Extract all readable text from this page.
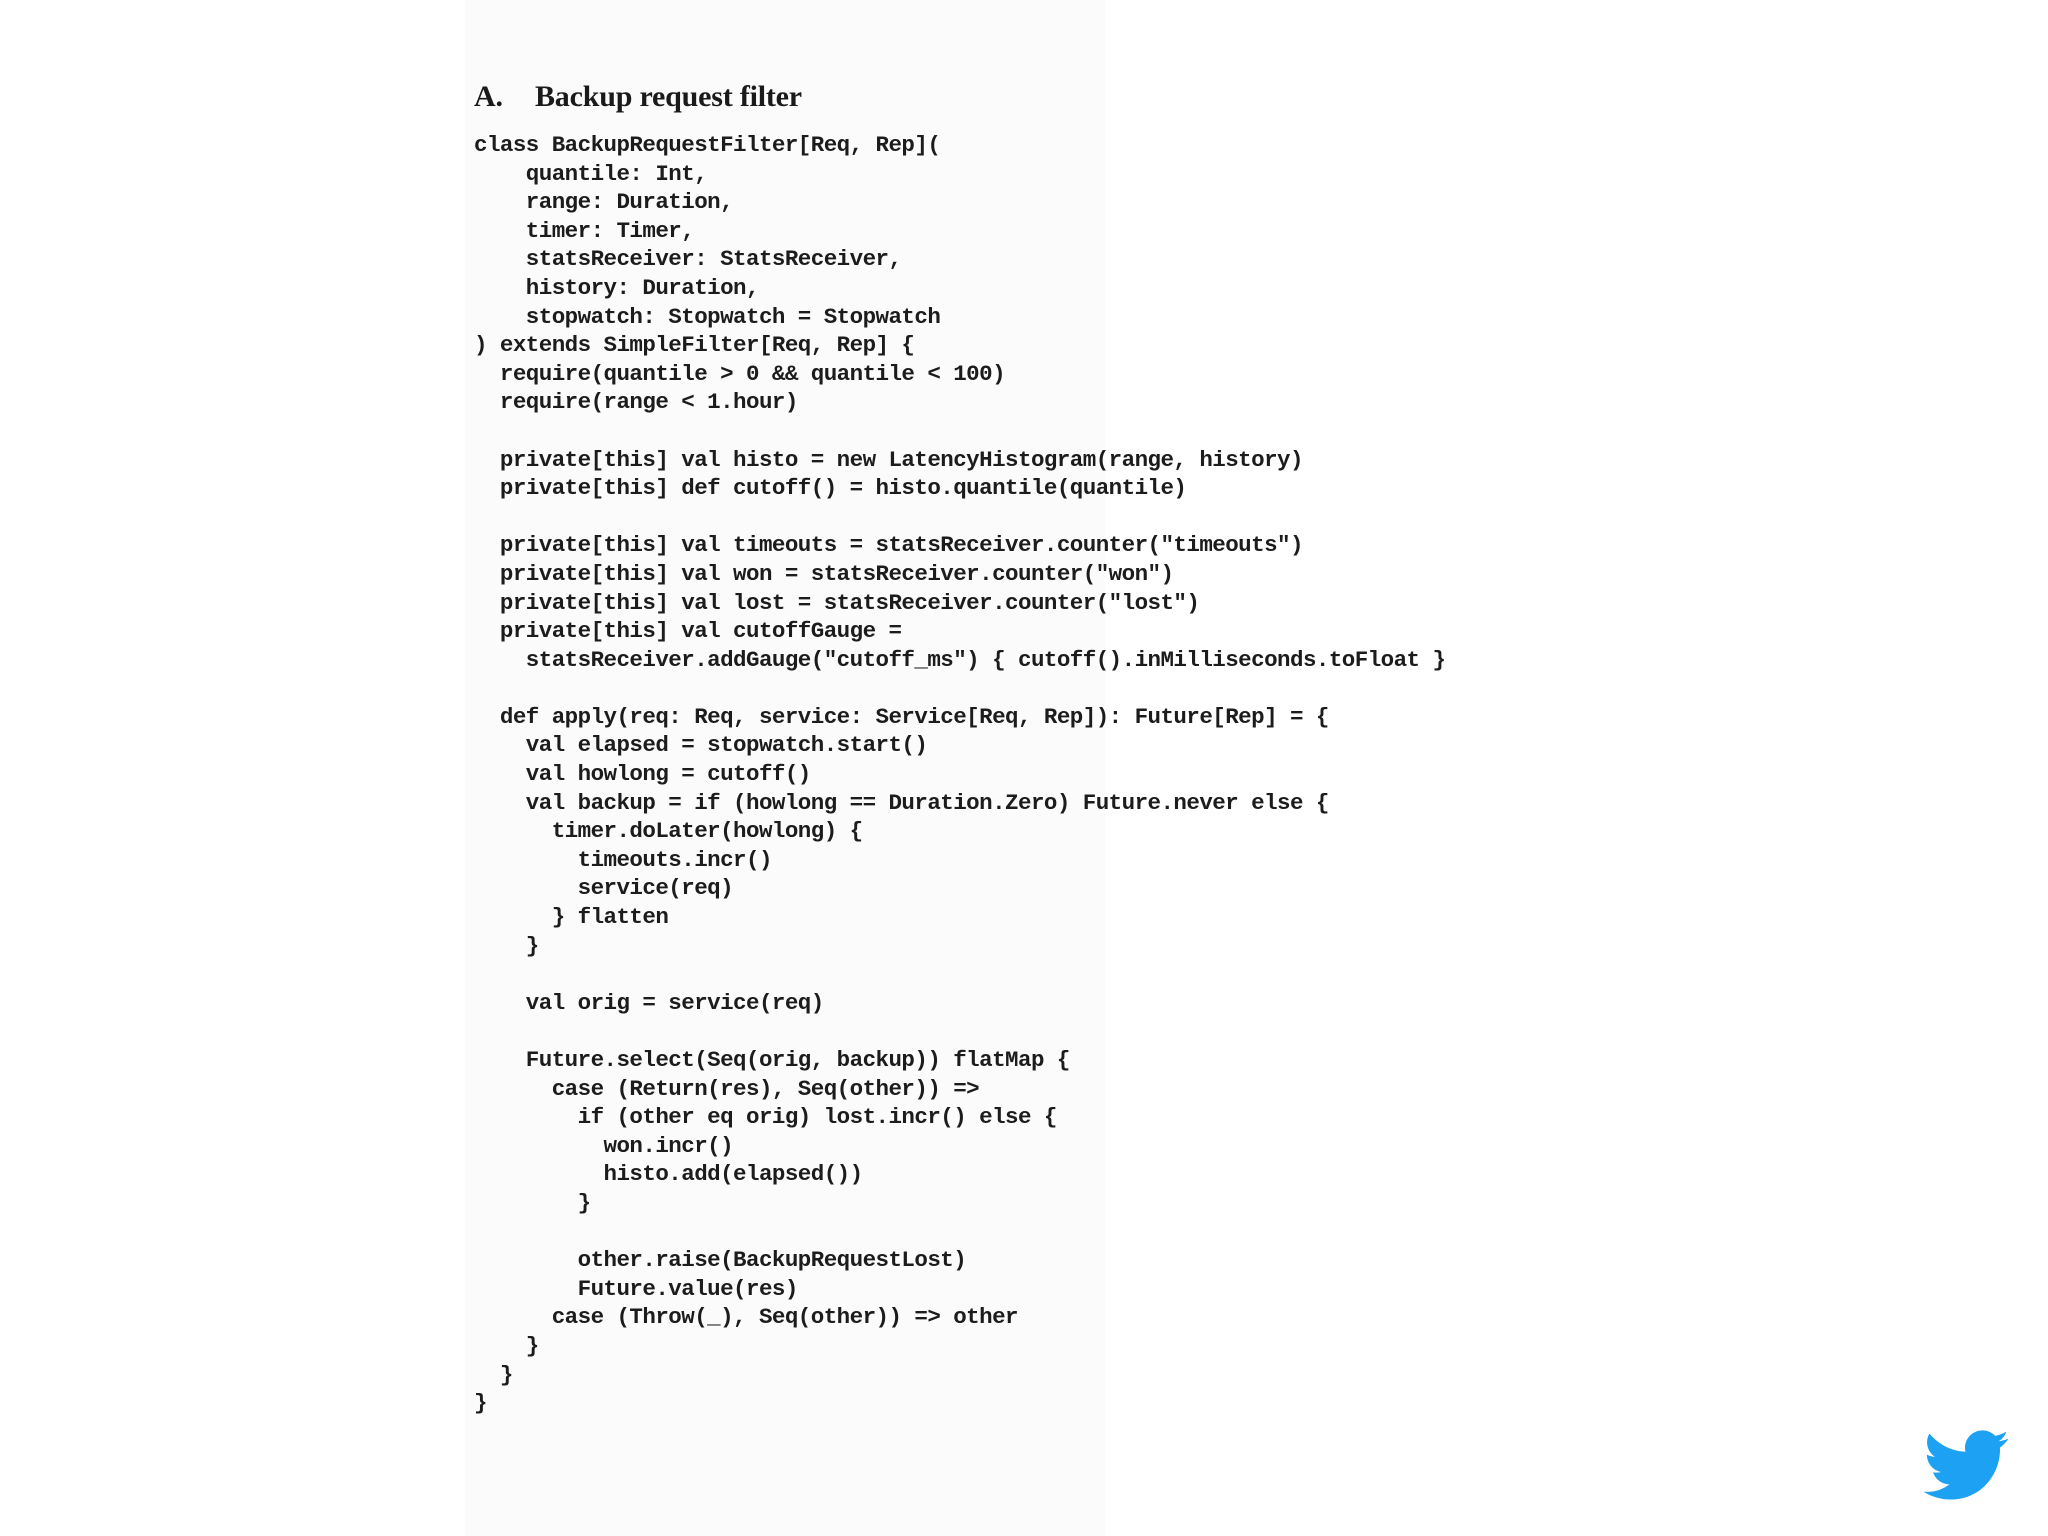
A. Backup request filter
class BackupRequestFilter[Req, Rep](
quantile: Int,
range: Duration,
timer: Timer,
statsReceiver: StatsReceiver,
history: Duration,
stopwatch: Stopwatch = Stopwatch
) extends SimpleFilter[Req, Rep] {
require(quantile > 0 && quantile < 100)
require(range < 1.hour)

private[this] val histo = new LatencyHistogram(range, history)
private[this] def cutoff() = histo.quantile(quantile)

private[this] val timeouts = statsReceiver.counter("timeouts")
private[this] val won = statsReceiver.counter("won")
private[this] val lost = statsReceiver.counter("lost")
private[this] val cutoffGauge =
statsReceiver.addGauge("cutoff_ms") { cutoff().inMilliseconds.toFloat }

def apply(req: Req, service: Service[Req, Rep]): Future[Rep] = {
val elapsed = stopwatch.start()
val howlong = cutoff()
val backup = if (howlong == Duration.Zero) Future.never else {
timer.doLater(howlong) {
timeouts.incr()
service(req)
} flatten
}

val orig = service(req)

Future.select(Seq(orig, backup)) flatMap {
case (Return(res), Seq(other)) =>
if (other eq orig) lost.incr() else {
won.incr()
histo.add(elapsed())
}

other.raise(BackupRequestLost)
Future.value(res)
case (Throw(_), Seq(other)) => other
}
}
}
